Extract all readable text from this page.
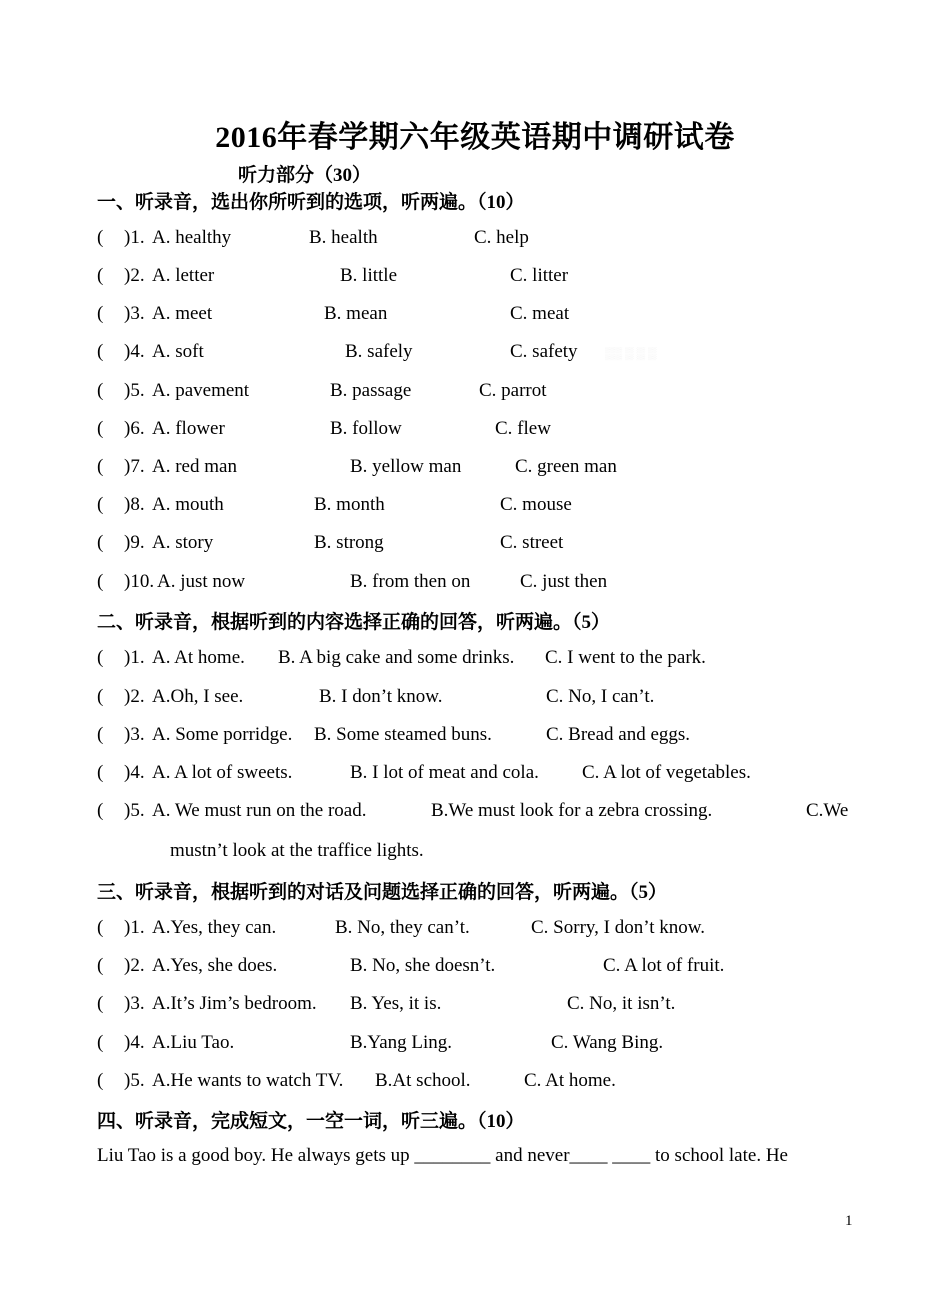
2016年春学期六年级英语期中调研试卷
听力部分（30）
▒▒ ▒ ▒ ▒
一、听录音，选出你所听到的选项，听两遍。（10）
( )1. A. healthy	B. health	C. help
( )2. A. letter	B. little	C. litter
( )3. A. meet	B. mean	C. meat
( )4. A. soft	B. safely	C. safety
( )5. A. pavement	B. passage	C. parrot
( )6. A. flower	B. follow	C. flew
( )7. A. red man	B. yellow man	C. green man
( )8. A. mouth	B. month	C. mouse
( )9. A. story	B. strong	C. street
( )10. A. just now	B. from then on	C. just then
二、听录音，根据听到的内容选择正确的回答，听两遍。（5）
( )1. A. At home. B. A big cake and some drinks. C. I went to the park.
( )2. A.Oh, I see.	B. I don’t know.	C. No, I can’t.
( )3. A. Some porridge. B. Some steamed buns.	C. Bread and eggs.
( )4. A. A lot of sweets.	B. I lot of meat and cola. C. A lot of vegetables.
( )5. A. We must run on the road.	B.We must look for a zebra crossing.	C.We
mustn’t look at the traffice lights.
三、听录音，根据听到的对话及问题选择正确的回答，听两遍。（5）
( )1. A.Yes, they can.	B. No, they can’t.	C. Sorry, I don’t know.
( )2. A.Yes, she does.	B. No, she doesn’t.	C. A lot of fruit.
( )3. A.It’s Jim’s bedroom. B. Yes, it is.	C. No, it isn’t.
( )4. A.Liu Tao.	B.Yang Ling.	C. Wang Bing.
( )5. A.He wants to watch TV. B.At school.	C. At home.
四、听录音，完成短文，一空一词，听三遍。（10）
Liu Tao is a good boy. He always gets up ________ and never____ ____ to school late. He
1
